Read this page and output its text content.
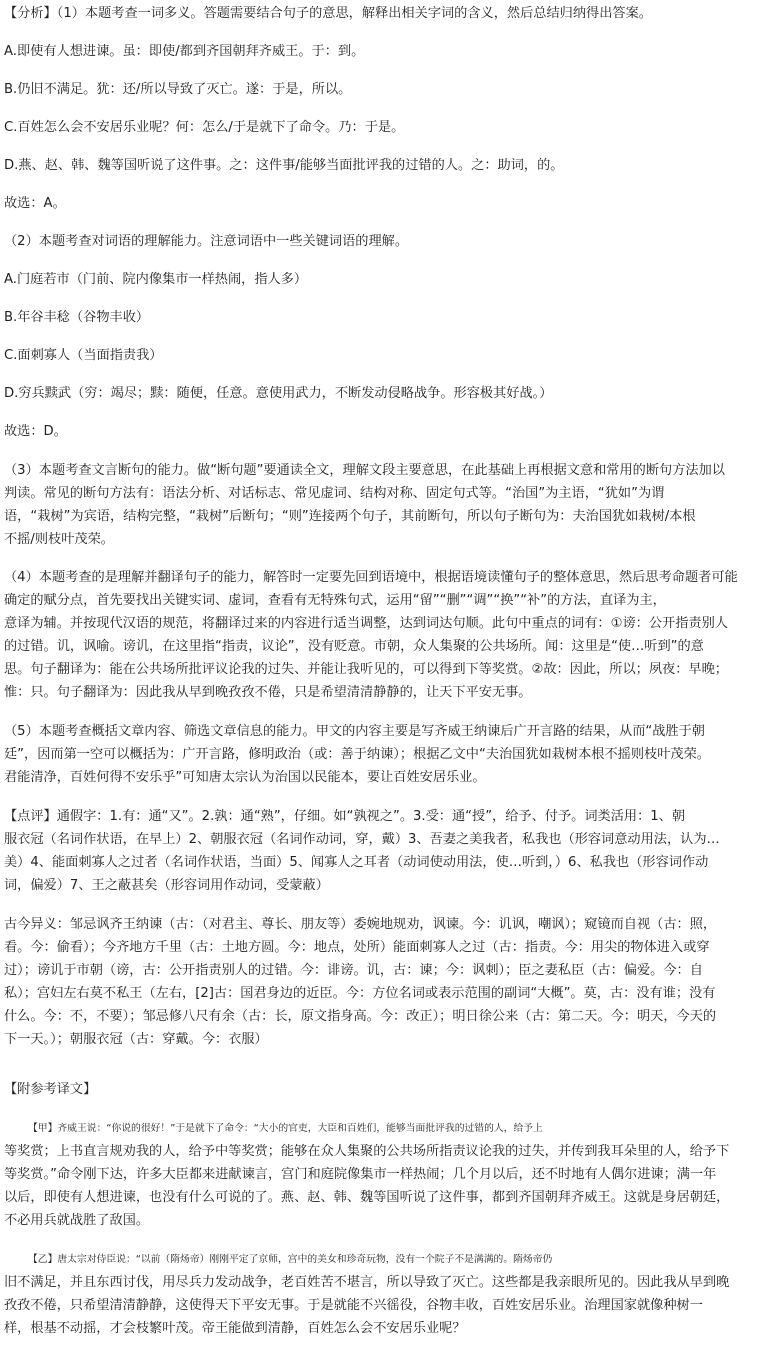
【分析】（1）本题考查一词多义。答题需要结合句子的意思，解释出相关字词的含义，然后总结归纳得出答案。
A.即使有人想进谏。虽：即使/都到齐国朝拜齐威王。于：到。
B.仍旧不满足。犹：还/所以导致了灭亡。遂：于是，所以。
C.百姓怎么会不安居乐业呢？何：怎么/于是就下了命令。乃：于是。
D.燕、赵、韩、魏等国听说了这件事。之：这件事/能够当面批评我的过错的人。之：助词，的。
故选：A。
（2）本题考查对词语的理解能力。注意词语中一些关键词语的理解。
A.门庭若市（门前、院内像集市一样热闹，指人多）
B.年谷丰稔（谷物丰收）
C.面刺寡人（当面指责我）
D.穷兵黩武（穷：竭尽；黩：随便，任意。意使用武力，不断发动侵略战争。形容极其好战。）
故选：D。
（3）本题考查文言断句的能力。做“断句题”要通读全文，理解文段主要意思，在此基础上再根据文意和常用的断句方法加以
判读。常见的断句方法有：语法分析、对话标志、常见虚词、结构对称、固定句式等。“治国”为主语，“犹如”为谓
语，“栽树”为宾语，结构完整，“栽树”后断句；“则”连接两个句子，其前断句，所以句子断句为：夫治国犹如栽树/本根
不摇/则枝叶茂荣。
（4）本题考查的是理解并翻译句子的能力，解答时一定要先回到语境中，根据语境读懂句子的整体意思，然后思考命题者可能
确定的赋分点，首先要找出关键实词、虚词，查看有无特殊句式，运用“留”“删”“调”“换”“补”的方法，直译为主，
意译为辅。并按现代汉语的规范，将翻译过来的内容进行适当调整，达到词达句顺。此句中重点的词有：①谤：公开指责别人
的过错。讥，讽喻。谤讥，在这里指“指责，议论”，没有贬意。市朝，众人集聚的公共场所。闻：这里是“使…听到”的意
思。句子翻译为：能在公共场所批评议论我的过失、并能让我听见的，可以得到下等奖赏。②故：因此，所以；夙夜：早晚；
惟：只。句子翻译为：因此我从早到晚孜孜不倦，只是希望清清静静的，让天下平安无事。
（5）本题考查概括文章内容、筛选文章信息的能力。甲文的内容主要是写齐威王纳谏后广开言路的结果，从而“战胜于朝
廷”，因而第一空可以概括为：广开言路，修明政治（或：善于纳谏）；根据乙文中“夫治国犹如栽树本根不摇则枝叶茂荣。
君能清净，百姓何得不安乐乎”可知唐太宗认为治国以民能本，要让百姓安居乐业。
【点评】通假字：1.有：通“又”。2.孰：通“熟”，仔细。如“孰视之”。3.受：通“授”，给予、付予。词类活用：1、朝
服衣冠（名词作状语，在早上）2、朝服衣冠（名词作动词，穿，戴）3、吾妻之美我者，私我也（形容词意动用法，认为…
美）4、能面刺寡人之过者（名词作状语，当面）5、闻寡人之耳者（动词使动用法，使…听到，）6、私我也（形容词作动
词，偏爱）7、王之蔽甚矣（形容词用作动词，受蒙蔽）
古今异义：邹忌讽齐王纳谏（古：（对君主、尊长、朋友等）委婉地规劝，讽谏。今：讥讽，嘲讽）；窥镜而自视（古：照，
看。今：偷看）；今齐地方千里（古：土地方圆。今：地点，处所）能面刺寡人之过（古：指责。今：用尖的物体进入或穿
过）；谤讥于市朝（谤，古：公开指责别人的过错。今：诽谤。讥，古：谏；今：讽刺）；臣之妻私臣（古：偏爱。今：自
私）；宫妇左右莫不私王（左右，[2]古：国君身边的近臣。今：方位名词或表示范围的副词“大概”。莫，古：没有谁；没有
什么。今：不，不要）；邹忌修八尺有余（古：长，原文指身高。今：改正）；明日徐公来（古：第二天。今：明天，今天的
下一天。）；朝服衣冠（古：穿戴。今：衣服）
【附参考译文】
【甲】齐威王说：“你说的很好！”于是就下了命令：“大小的官吏，大臣和百姓们，能够当面批评我的过错的人，给予上
等奖赏；上书直言规劝我的人，给予中等奖赏；能够在众人集聚的公共场所指责议论我的过失，并传到我耳朵里的人，给予下
等奖赏。”命令刚下达，许多大臣都来进献谏言，宫门和庭院像集市一样热闹；几个月以后，还不时地有人偶尔进谏；满一年
以后，即使有人想进谏，也没有什么可说的了。燕、赵、韩、魏等国听说了这件事，都到齐国朝拜齐威王。这就是身居朝廷，
不必用兵就战胜了敌国。
【乙】唐太宗对侍臣说：“以前（隋炀帝）刚刚平定了京师，宫中的美女和珍奇玩物，没有一个院子不是满满的。隋炀帝仍
旧不满足，并且东西讨伐，用尽兵力发动战争，老百姓苦不堪言，所以导致了灭亡。这些都是我亲眼所见的。因此我从早到晚
孜孜不倦，只希望清清静静，这使得天下平安无事。于是就能不兴徭役，谷物丰收，百姓安居乐业。治理国家就像种树一
样，根基不动摇，才会枝繁叶茂。帝王能做到清静，百姓怎么会不安居乐业呢？
